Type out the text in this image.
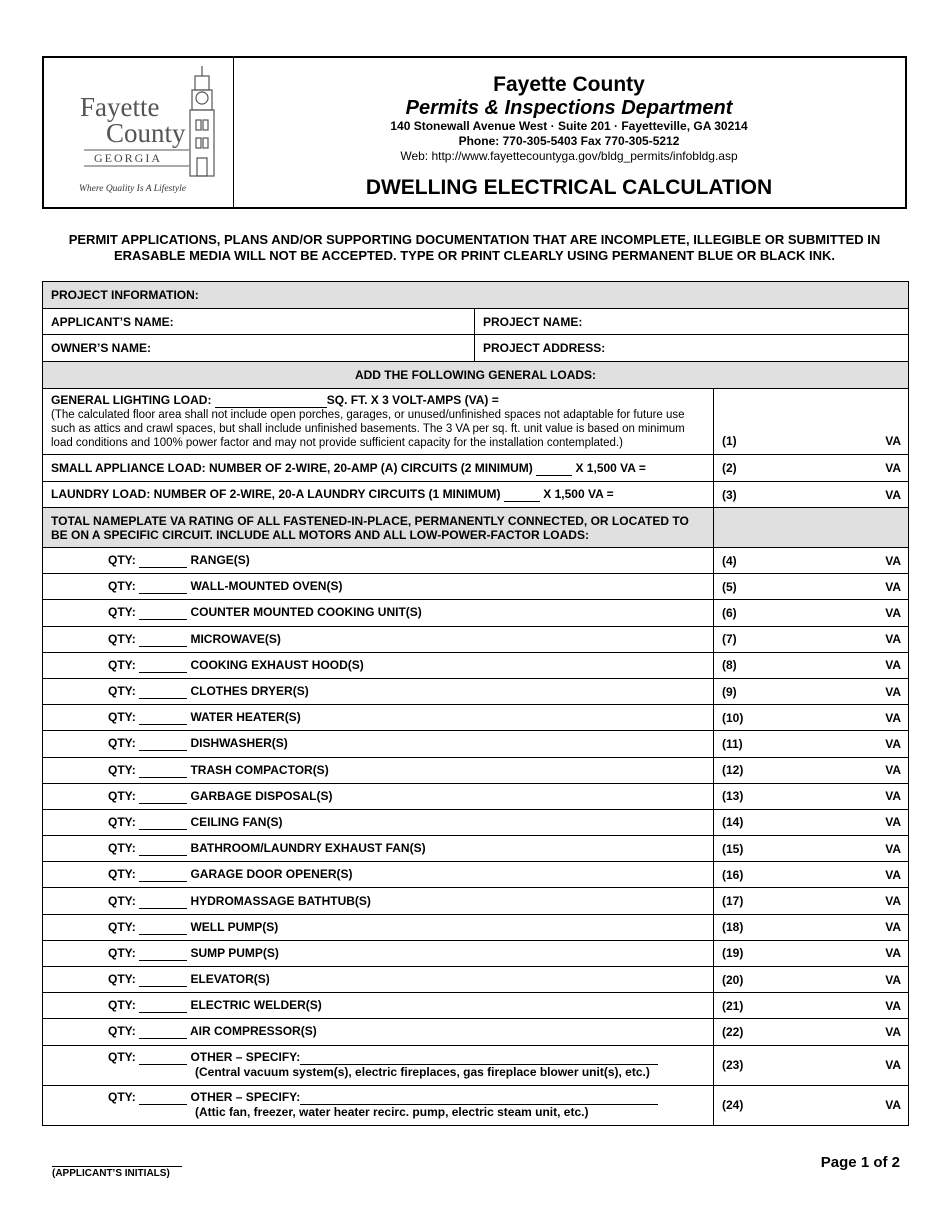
Fayette
County
GEORGIA
Where Quality Is A Lifestyle
Fayette County
Permits & Inspections Department
140 Stonewall Avenue West · Suite 201 · Fayetteville, GA 30214
Phone: 770-305-5403 Fax 770-305-5212
Web: http://www.fayettecountyga.gov/bldg_permits/infobldg.asp
DWELLING ELECTRICAL CALCULATION
PERMIT APPLICATIONS, PLANS AND/OR SUPPORTING DOCUMENTATION THAT ARE INCOMPLETE, ILLEGIBLE OR SUBMITTED IN ERASABLE MEDIA WILL NOT BE ACCEPTED. TYPE OR PRINT CLEARLY USING PERMANENT BLUE OR BLACK INK.
PROJECT INFORMATION:		
APPLICANT’S NAME:	PROJECT NAME:	
OWNER’S NAME:	PROJECT ADDRESS:	
ADD THE FOLLOWING GENERAL LOADS:		
GENERAL LIGHTING LOAD: SQ. FT. X 3 VOLT-AMPS (VA) =
(The calculated floor area shall not include open porches, garages, or unused/unfinished spaces not adaptable for future use such as attics and crawl spaces, but shall include unfinished basements. The 3 VA per sq. ft. unit value is based on minimum load conditions and 100% power factor and may not provide sufficient capacity for the installation contemplated.)		(1) VA

SMALL APPLIANCE LOAD: NUMBER OF 2-WIRE, 20-AMP (A) CIRCUITS (2 MINIMUM) X 1,500 VA =		(2) VA

LAUNDRY LOAD: NUMBER OF 2-WIRE, 20-A LAUNDRY CIRCUITS (1 MINIMUM) X 1,500 VA =		(3) VA

TOTAL NAMEPLATE VA RATING OF ALL FASTENED-IN-PLACE, PERMANENTLY CONNECTED, OR LOCATED TO BE ON A SPECIFIC CIRCUIT. INCLUDE ALL MOTORS AND ALL LOW-POWER-FACTOR LOADS:		
QTY: RANGE(S)		(4) VA

QTY: WALL-MOUNTED OVEN(S)		(5) VA

QTY: COUNTER MOUNTED COOKING UNIT(S)		(6) VA

QTY: MICROWAVE(S)		(7) VA

QTY: COOKING EXHAUST HOOD(S)		(8) VA

QTY: CLOTHES DRYER(S)		(9) VA

QTY: WATER HEATER(S)		(10) VA

QTY: DISHWASHER(S)		(11) VA

QTY: TRASH COMPACTOR(S)		(12) VA

QTY: GARBAGE DISPOSAL(S)		(13) VA

QTY: CEILING FAN(S)		(14) VA

QTY: BATHROOM/LAUNDRY EXHAUST FAN(S)		(15) VA

QTY: GARAGE DOOR OPENER(S)		(16) VA

QTY: HYDROMASSAGE BATHTUB(S)		(17) VA

QTY: WELL PUMP(S)		(18) VA

QTY: SUMP PUMP(S)		(19) VA

QTY: ELEVATOR(S)		(20) VA

QTY: ELECTRIC WELDER(S)		(21) VA

QTY: AIR COMPRESSOR(S)		(22) VA

QTY: OTHER – SPECIFY:
(Central vacuum system(s), electric fireplaces, gas fireplace blower unit(s), etc.)		(23) VA

QTY: OTHER – SPECIFY:
(Attic fan, freezer, water heater recirc. pump, electric steam unit, etc.)		(24) VA
(APPLICANT’S INITIALS)
Page 1 of 2
